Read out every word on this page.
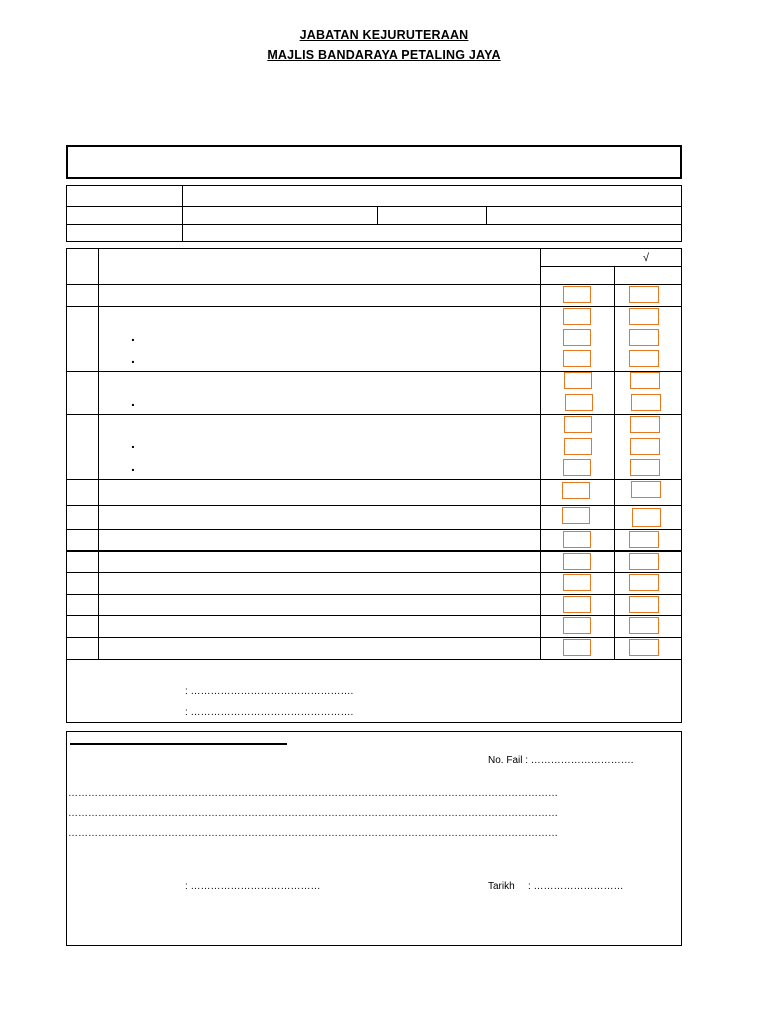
JABATAN KEJURUTERAAN
MAJLIS BANDARAYA PETALING JAYA
√
.
.
.
.
.
: ………………………………………….
: ………………………………………….
No. Fail : ………………………….
…………………………………………………………………………………………………………………………………
…………………………………………………………………………………………………………………………………
…………………………………………………………………………………………………………………………………
: …………………………………	Tarikh : ………………………
